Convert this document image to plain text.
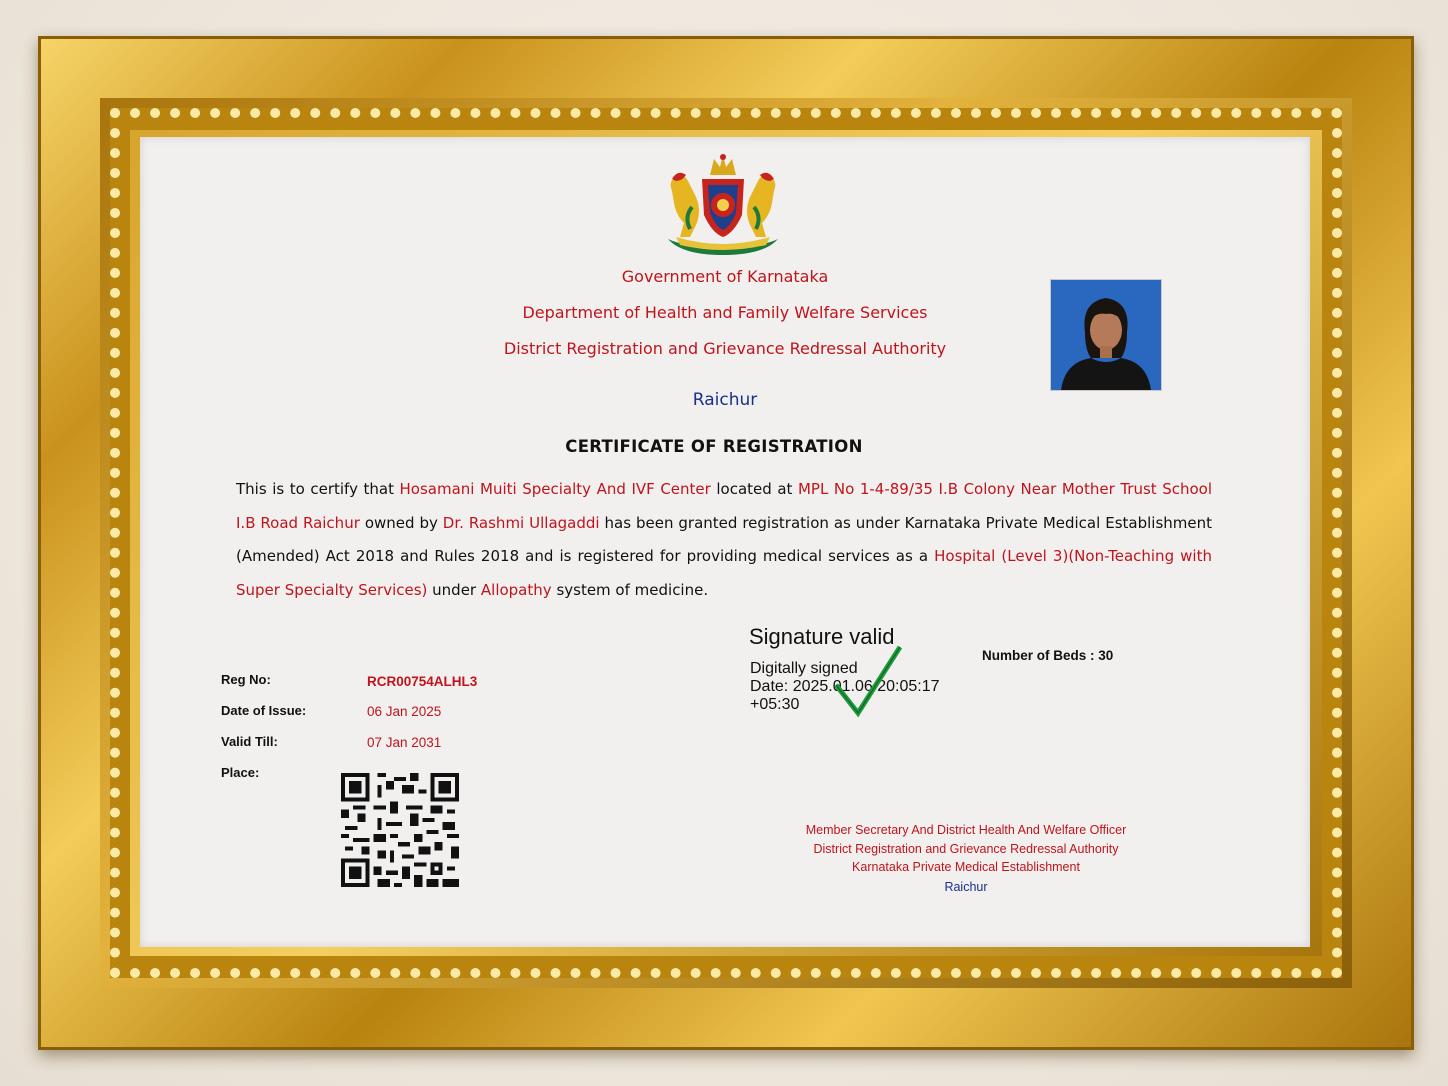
Government of Karnataka

Department of Health and Family Welfare Services

District Registration and Grievance Redressal Authority

Raichur

CERTIFICATE OF REGISTRATION

This is to certify that Hosamani Muiti Specialty And IVF Center located at MPL No 1-4-89/35 I.B Colony Near Mother Trust School I.B Road Raichur owned by Dr. Rashmi Ullagaddi has been granted registration as under Karnataka Private Medical Establishment (Amended) Act 2018 and Rules 2018 and is registered for providing medical services as a Hospital (Level 3)(Non-Teaching with Super Specialty Services) under Allopathy system of medicine.

Reg No:	RCR00754ALHL3
Date of Issue:	06 Jan 2025
Valid Till:	07 Jan 2031
Place:
Signature valid
Digitally signed
Date: 2025.01.06 20:05:17
+05:30
Number of Beds : 30

Member Secretary And District Health And Welfare Officer

District Registration and Grievance Redressal Authority

Karnataka Private Medical Establishment

Raichur
